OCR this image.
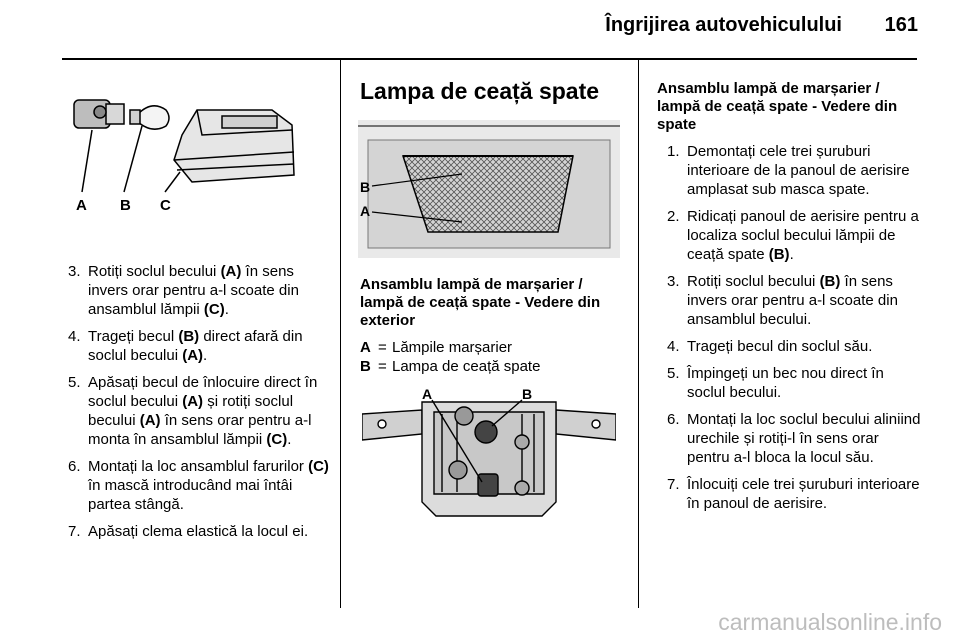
Îngrijirea autovehiculului 161
A B C
3. Rotiți soclul becului (A) în sens invers orar pentru a-l scoate din ansamblul lămpii (C).
4. Trageți becul (B) direct afară din soclul becului (A).
5. Apăsați becul de înlocuire direct în soclul becului (A) și rotiți soclul becului (A) în sens orar pentru a-l monta în ansamblul lămpii (C).
6. Montați la loc ansamblul farurilor (C) în mască introducând mai întâi partea stângă.
7. Apăsați clema elastică la locul ei.
Lampa de ceață spate
B
A
Ansamblu lampă de marșarier / lampă de ceață spate - Vedere din exterior
A = Lămpile marșarier
B = Lampa de ceață spate
A	B
Ansamblu lampă de marșarier / lampă de ceață spate - Vedere din spate
1. Demontați cele trei șuruburi interioare de la panoul de aerisire amplasat sub masca spate.
2. Ridicați panoul de aerisire pentru a localiza soclul becului lămpii de ceață spate (B).
3. Rotiți soclul becului (B) în sens invers orar pentru a-l scoate din ansamblul becului.
4. Trageți becul din soclul său.
5. Împingeți un bec nou direct în soclul becului.
6. Montați la loc soclul becului aliniind urechile și rotiți-l în sens orar pentru a-l bloca la locul său.
7. Înlocuiți cele trei șuruburi interioare în panoul de aerisire.
carmanualsonline.info
